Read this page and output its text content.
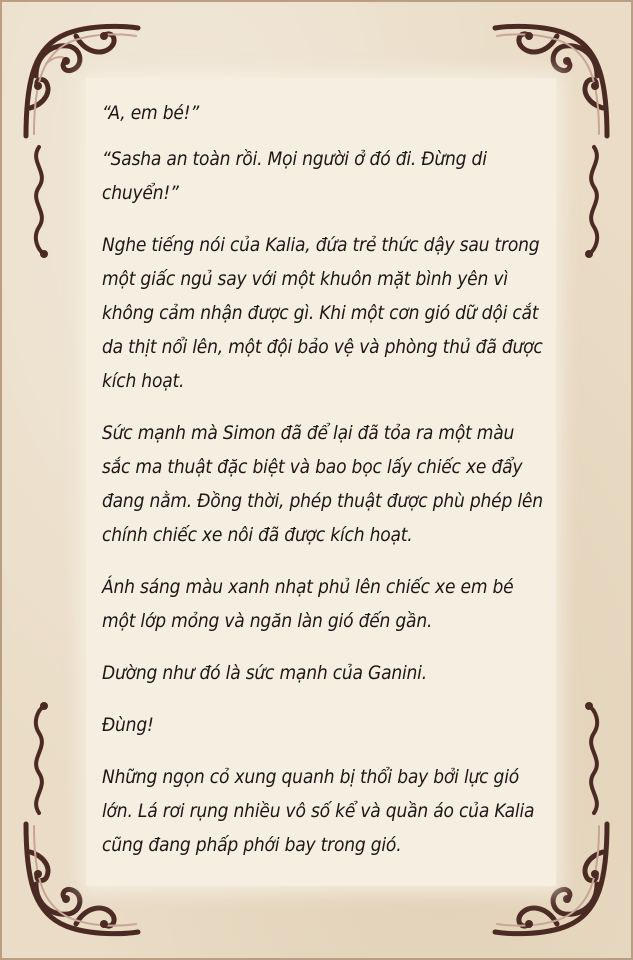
“A, em bé!”

“Sasha an toàn rồi. Mọi người ở đó đi. Đừng di chuyển!”

Nghe tiếng nói của Kalia, đứa trẻ thức dậy sau trong một giấc ngủ say với một khuôn mặt bình yên vì không cảm nhận được gì. Khi một cơn gió dữ dội cắt da thịt nổi lên, một đội bảo vệ và phòng thủ đã được kích hoạt.

Sức mạnh mà Simon đã để lại đã tỏa ra một màu sắc ma thuật đặc biệt và bao bọc lấy chiếc xe đẩy đang nằm. Đồng thời, phép thuật được phù phép lên chính chiếc xe nôi đã được kích hoạt.

Ánh sáng màu xanh nhạt phủ lên chiếc xe em bé một lớp mỏng và ngăn làn gió đến gần.

Dường như đó là sức mạnh của Ganini.

Đùng!

Những ngọn cỏ xung quanh bị thổi bay bởi lực gió lớn. Lá rơi rụng nhiều vô số kể và quần áo của Kalia cũng đang phấp phới bay trong gió.
